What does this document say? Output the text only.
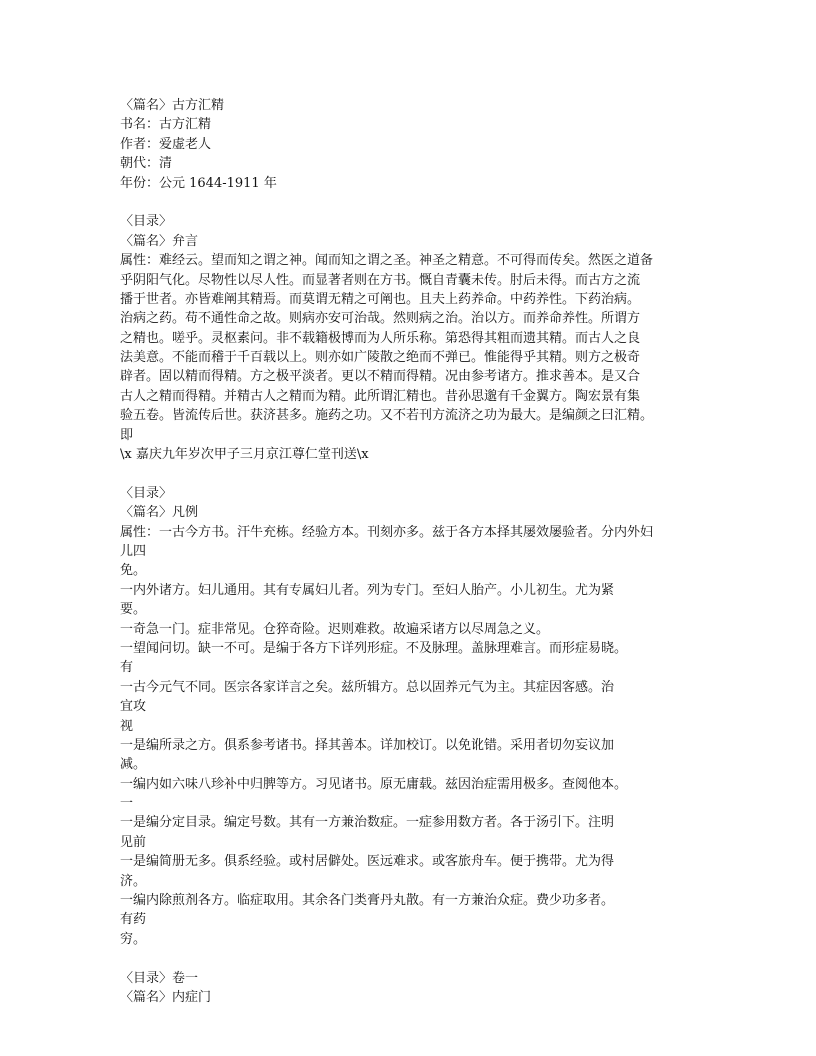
〈篇名〉古方汇精
书名：古方汇精
作者：爱虚老人
朝代：清
年份：公元 1644-1911 年
〈目录〉
〈篇名〉弁言
属性：难经云。望而知之谓之神。闻而知之谓之圣。神圣之精意。不可得而传矣。然医之道备
乎阴阳气化。尽物性以尽人性。而显著者则在方书。慨自青囊未传。肘后未得。而古方之流
播于世者。亦皆难阐其精焉。而莫谓无精之可阐也。且夫上药养命。中药养性。下药治病。
治病之药。苟不通性命之故。则病亦安可治哉。然则病之治。治以方。而养命养性。所谓方
之精也。嗟乎。灵枢素问。非不载籍极博而为人所乐称。第恐得其粗而遗其精。而古人之良
法美意。不能而稽于千百载以上。则亦如广陵散之绝而不弹已。惟能得乎其精。则方之极奇
辟者。固以精而得精。方之极平淡者。更以不精而得精。况由参考诸方。推求善本。是又合
古人之精而得精。并精古人之精而为精。此所谓汇精也。昔孙思邈有千金翼方。陶宏景有集
验五卷。皆流传后世。获济甚多。施药之功。又不若刊方流济之功为最大。是编颜之曰汇精。
即
\x 嘉庆九年岁次甲子三月京江尊仁堂刊送\x
〈目录〉
〈篇名〉凡例
属性：一古今方书。汗牛充栋。经验方本。刊刻亦多。兹于各方本择其屡效屡验者。分内外妇
儿四
免。
一内外诸方。妇儿通用。其有专属妇儿者。列为专门。至妇人胎产。小儿初生。尤为紧
要。
一奇急一门。症非常见。仓猝奇险。迟则难救。故遍采诸方以尽周急之义。
一望闻问切。缺一不可。是编于各方下详列形症。不及脉理。盖脉理难言。而形症易晓。
有
一古今元气不同。医宗各家详言之矣。兹所辑方。总以固养元气为主。其症因客感。治
宜攻
视
一是编所录之方。俱系参考诸书。择其善本。详加校订。以免讹错。采用者切勿妄议加
减。
一编内如六味八珍补中归脾等方。习见诸书。原无庸载。兹因治症需用极多。查阅他本。
一
一是编分定目录。编定号数。其有一方兼治数症。一症参用数方者。各于汤引下。注明
见前
一是编简册无多。俱系经验。或村居僻处。医远难求。或客旅舟车。便于携带。尤为得
济。
一编内除煎剂各方。临症取用。其余各门类膏丹丸散。有一方兼治众症。费少功多者。
有药
穷。
〈目录〉卷一
〈篇名〉内症门
